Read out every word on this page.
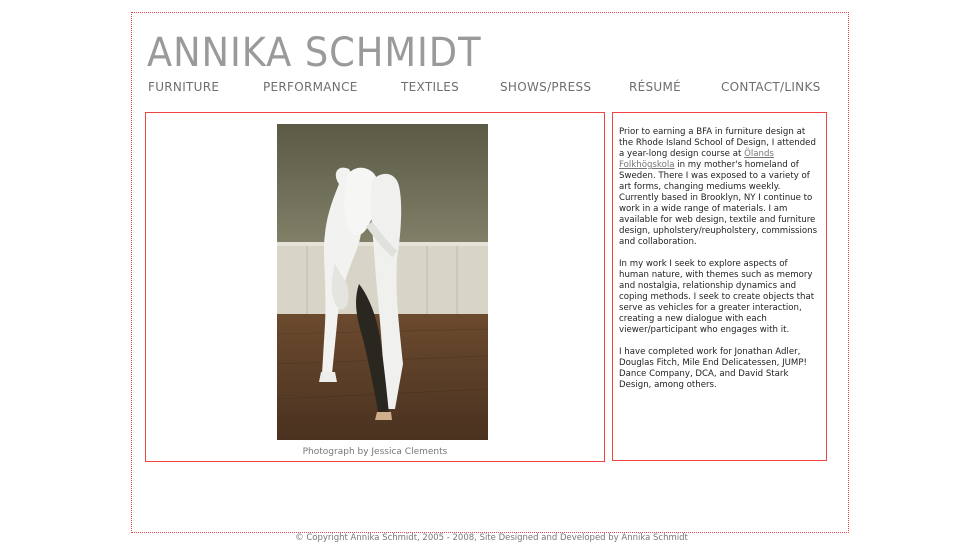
ANNIKA SCHMIDT
FURNITURE	PERFORMANCE	TEXTILES	SHOWS/PRESS	RÉSUMÉ	CONTACT/LINKS
Photograph by Jessica Clements

Prior to earning a BFA in furniture design at the Rhode Island School of Design, I attended a year-long design course at Ölands Folkhögskola in my mother's homeland of Sweden. There I was exposed to a variety of art forms, changing mediums weekly. Currently based in Brooklyn, NY I continue to work in a wide range of materials. I am available for web design, textile and furniture design, upholstery/reupholstery, commissions and collaboration.

In my work I seek to explore aspects of human nature, with themes such as memory and nostalgia, relationship dynamics and coping methods. I seek to create objects that serve as vehicles for a greater interaction, creating a new dialogue with each viewer/participant who engages with it.

I have completed work for Jonathan Adler, Douglas Fitch, Mile End Delicatessen, JUMP! Dance Company, DCA, and David Stark Design, among others.

© Copyright Annika Schmidt, 2005 - 2008, Site Designed and Developed by Annika Schmidt
